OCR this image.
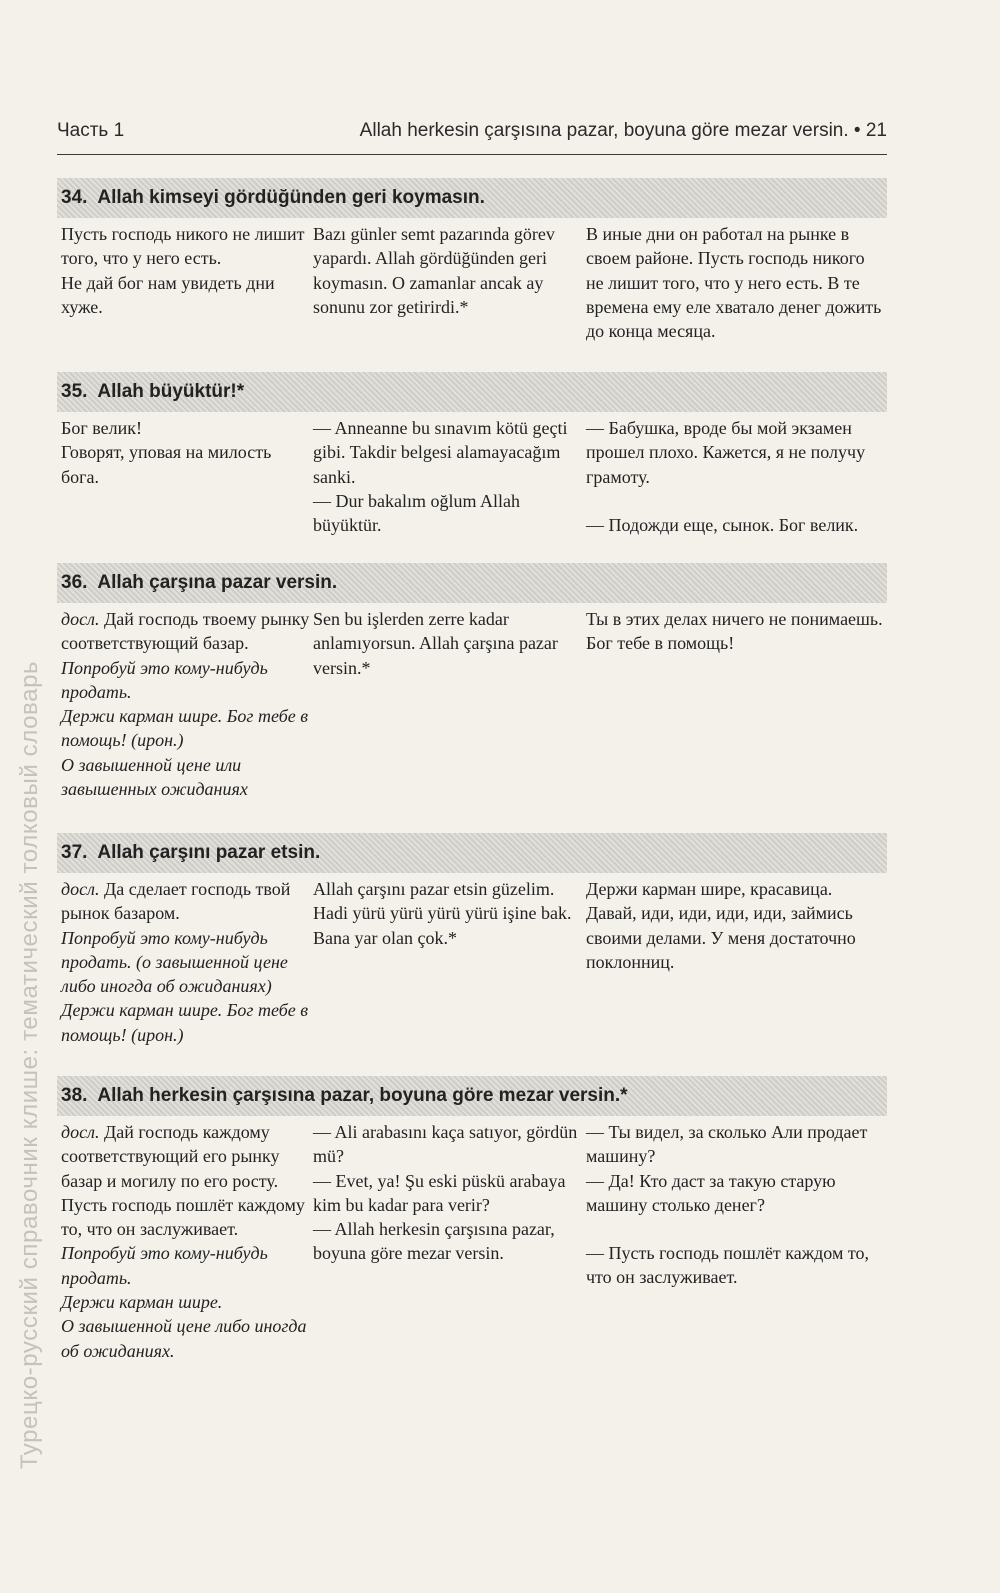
Часть 1	Allah herkesin çarşısına pazar, boyuna göre mezar versin. • 21
Турецко-русский справочник клише: тематический толковый словарь
34. Allah kimseyi gördüğünden geri koymasın.

Пусть господь никого не лишит того, что у него есть.

Не дай бог нам увидеть дни хуже.

Bazı günler semt pazarında görev yapardı. Allah gördüğünden geri koymasın. O zamanlar ancak ay sonunu zor getirirdi.*

В иные дни он работал на рынке в своем районе. Пусть господь никого не лишит того, что у него есть. В те времена ему еле хватало денег дожить до конца месяца.

35. Allah büyüktür!*

Бог велик!

Говорят, уповая на милость бога.

— Anneanne bu sınavım kötü geçti gibi. Takdir belgesi alamayacağım sanki.

— Dur bakalım oğlum Allah büyüktür.

— Бабушка, вроде бы мой экзамен прошел плохо. Кажется, я не получу грамоту.

— Подожди еще, сынок. Бог велик.

36. Allah çarşına pazar versin.

досл. Дай господь твоему рынку соответствующий базар.

Попробуй это кому-нибудь продать.

Держи карман шире. Бог тебе в помощь! (ирон.)

О завышенной цене или завышенных ожиданиях

Sen bu işlerden zerre kadar anlamıyorsun. Allah çarşına pazar versin.*

Ты в этих делах ничего не понимаешь. Бог тебе в помощь!

37. Allah çarşını pazar etsin.

досл. Да сделает господь твой рынок базаром.

Попробуй это кому-нибудь продать. (о завышенной цене либо иногда об ожиданиях)

Держи карман шире. Бог тебе в помощь! (ирон.)

Allah çarşını pazar etsin güzelim. Hadi yürü yürü yürü yürü işine bak. Bana yar olan çok.*

Держи карман шире, красавица. Давай, иди, иди, иди, иди, займись своими делами. У меня достаточно поклонниц.

38. Allah herkesin çarşısına pazar, boyuna göre mezar versin.*

досл. Дай господь каждому соответствующий его рынку базар и могилу по его росту.

Пусть господь пошлёт каждому то, что он заслуживает.

Попробуй это кому-нибудь продать.

Держи карман шире.

О завышенной цене либо иногда об ожиданиях.

— Ali arabasını kaça satıyor, gördün mü?

— Evet, ya! Şu eski püskü arabaya kim bu kadar para verir?

— Allah herkesin çarşısına pazar, boyuna göre mezar versin.

— Ты видел, за сколько Али продает машину?

— Да! Кто даст за такую старую машину столько денег?

— Пусть господь пошлёт каждом то, что он заслуживает.
